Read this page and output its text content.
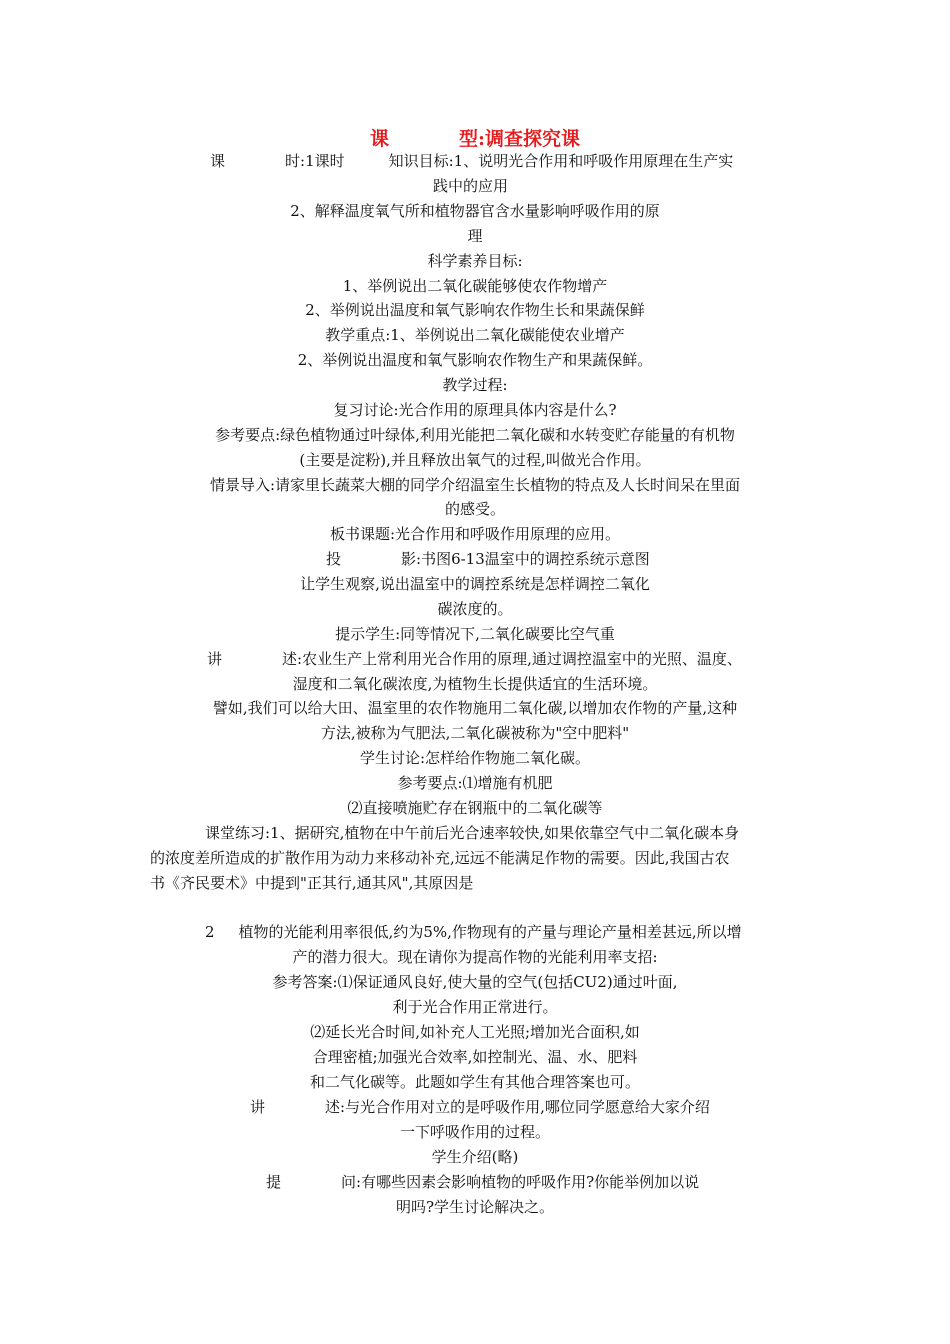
课	型:调查探究课
课	时:1课时	知识目标:1、说明光合作用和呼吸作用原理在生产实
践中的应用
2、解释温度氧气所和植物器官含水量影响呼吸作用的原
理
科学素养目标:
1、举例说出二氧化碳能够使农作物增产
2、举例说出温度和氧气影响农作物生长和果蔬保鲜
教学重点:1、举例说出二氧化碳能使农业增产
2、举例说出温度和氧气影响农作物生产和果蔬保鲜。
教学过程:
复习讨论:光合作用的原理具体内容是什么?
参考要点:绿色植物通过叶绿体,利用光能把二氧化碳和水转变贮存能量的有机物
(主要是淀粉),并且释放出氧气的过程,叫做光合作用。
情景导入:请家里长蔬菜大棚的同学介绍温室生长植物的特点及人长时间呆在里面
的感受。
板书课题:光合作用和呼吸作用原理的应用。
投	影:书图6-13温室中的调控系统示意图
让学生观察,说出温室中的调控系统是怎样调控二氧化
碳浓度的。
提示学生:同等情况下,二氧化碳要比空气重
讲	述:农业生产上常利用光合作用的原理,通过调控温室中的光照、温度、
湿度和二氧化碳浓度,为植物生长提供适宜的生活环境。
譬如,我们可以给大田、温室里的农作物施用二氧化碳,以增加农作物的产量,这种
方法,被称为气肥法,二氧化碳被称为"空中肥料"
学生讨论:怎样给作物施二氧化碳。
参考要点:⑴增施有机肥
⑵直接喷施贮存在钢瓶中的二氧化碳等
课堂练习:1、据研究,植物在中午前后光合速率较快,如果依靠空气中二氧化碳本身
的浓度差所造成的扩散作用为动力来移动补充,远远不能满足作物的需要。因此,我国古农
书《齐民要术》中提到"正其行,通其风",其原因是
2 植物的光能利用率很低,约为5%,作物现有的产量与理论产量相差甚远,所以增
产的潜力很大。现在请你为提高作物的光能利用率支招:
参考答案:⑴保证通风良好,使大量的空气(包括CU2)通过叶面,
利于光合作用正常进行。
⑵延长光合时间,如补充人工光照;增加光合面积,如
合理密植;加强光合效率,如控制光、温、水、肥料
和二气化碳等。此题如学生有其他合理答案也可。
讲	述:与光合作用对立的是呼吸作用,哪位同学愿意给大家介绍
一下呼吸作用的过程。
学生介绍(略)
提	问:有哪些因素会影响植物的呼吸作用?你能举例加以说
明吗?学生讨论解决之。
